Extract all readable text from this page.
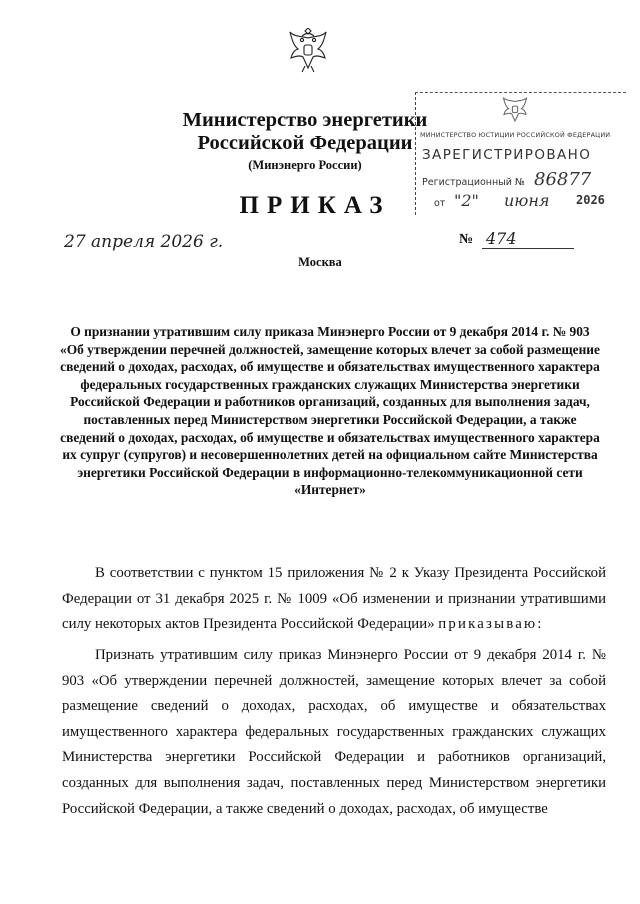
Министерство энергетики
Российской Федерации
(Минэнерго России)
МИНИСТЕРСТВО ЮСТИЦИИ РОССИЙСКОЙ ФЕДЕРАЦИИ
ЗАРЕГИСТРИРОВАНО
Регистрационный № 86877
от "2" июня 2026
ПРИКАЗ
27 апреля 2026 г.	№ 474
Москва
О признании утратившим силу приказа Минэнерго России от 9 декабря 2014 г. № 903 «Об утверждении перечней должностей, замещение которых влечет за собой размещение сведений о доходах, расходах, об имуществе и обязательствах имущественного характера федеральных государственных гражданских служащих Министерства энергетики Российской Федерации и работников организаций, созданных для выполнения задач, поставленных перед Министерством энергетики Российской Федерации, а также сведений о доходах, расходах, об имуществе и обязательствах имущественного характера их супруг (супругов) и несовершеннолетних детей на официальном сайте Министерства энергетики Российской Федерации в информационно-телекоммуникационной сети «Интернет»
В соответствии с пунктом 15 приложения № 2 к Указу Президента Российской Федерации от 31 декабря 2025 г. № 1009 «Об изменении и признании утратившими силу некоторых актов Президента Российской Федерации» приказываю:
Признать утратившим силу приказ Минэнерго России от 9 декабря 2014 г. № 903 «Об утверждении перечней должностей, замещение которых влечет за собой размещение сведений о доходах, расходах, об имуществе и обязательствах имущественного характера федеральных государственных гражданских служащих Министерства энергетики Российской Федерации и работников организаций, созданных для выполнения задач, поставленных перед Министерством энергетики Российской Федерации, а также сведений о доходах, расходах, об имуществе
